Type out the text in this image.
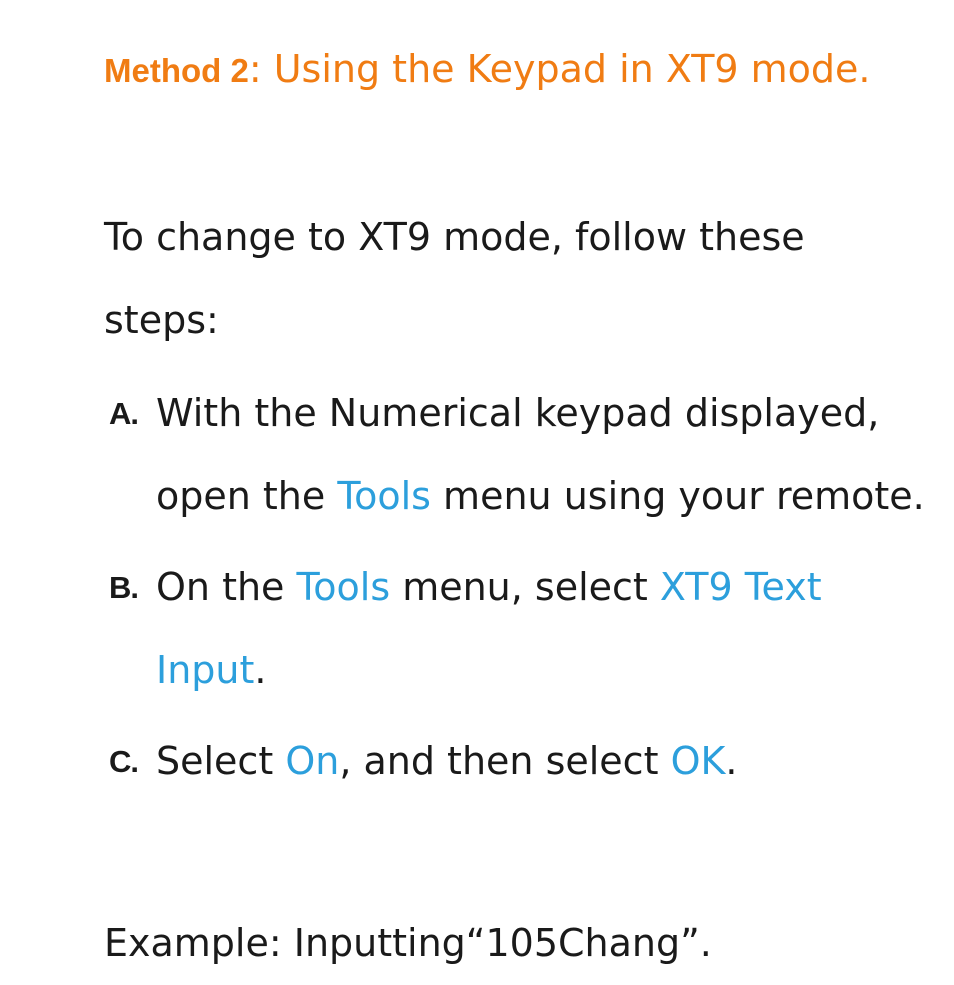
Method 2: Using the Keypad in XT9 mode.

To change to XT9 mode, follow these steps:

A. With the Numerical keypad displayed, open the Tools menu using your remote.
B. On the Tools menu, select XT9 Text Input.
C. Select On, and then select OK.

Example: Inputting“105Chang”.
